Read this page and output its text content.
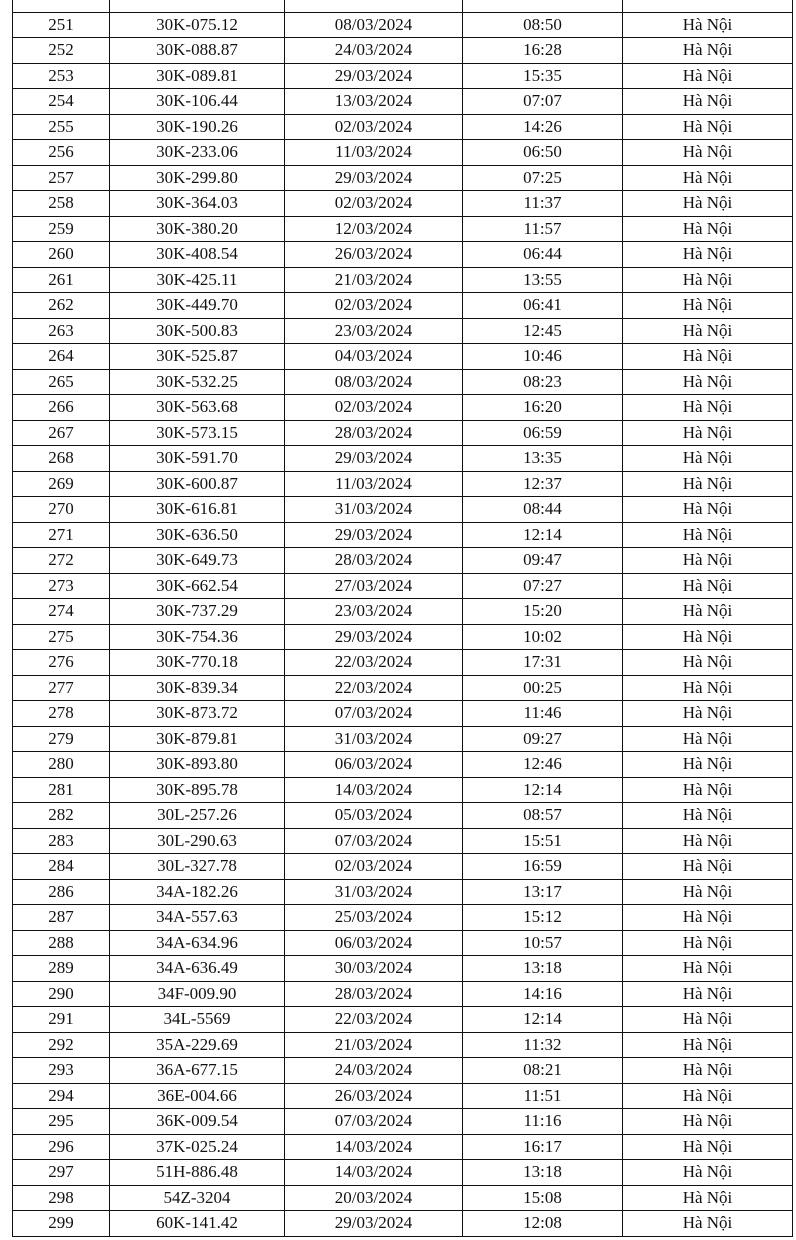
251	30K-075.12	08/03/2024	08:50	Hà Nội
252	30K-088.87	24/03/2024	16:28	Hà Nội
253	30K-089.81	29/03/2024	15:35	Hà Nội
254	30K-106.44	13/03/2024	07:07	Hà Nội
255	30K-190.26	02/03/2024	14:26	Hà Nội
256	30K-233.06	11/03/2024	06:50	Hà Nội
257	30K-299.80	29/03/2024	07:25	Hà Nội
258	30K-364.03	02/03/2024	11:37	Hà Nội
259	30K-380.20	12/03/2024	11:57	Hà Nội
260	30K-408.54	26/03/2024	06:44	Hà Nội
261	30K-425.11	21/03/2024	13:55	Hà Nội
262	30K-449.70	02/03/2024	06:41	Hà Nội
263	30K-500.83	23/03/2024	12:45	Hà Nội
264	30K-525.87	04/03/2024	10:46	Hà Nội
265	30K-532.25	08/03/2024	08:23	Hà Nội
266	30K-563.68	02/03/2024	16:20	Hà Nội
267	30K-573.15	28/03/2024	06:59	Hà Nội
268	30K-591.70	29/03/2024	13:35	Hà Nội
269	30K-600.87	11/03/2024	12:37	Hà Nội
270	30K-616.81	31/03/2024	08:44	Hà Nội
271	30K-636.50	29/03/2024	12:14	Hà Nội
272	30K-649.73	28/03/2024	09:47	Hà Nội
273	30K-662.54	27/03/2024	07:27	Hà Nội
274	30K-737.29	23/03/2024	15:20	Hà Nội
275	30K-754.36	29/03/2024	10:02	Hà Nội
276	30K-770.18	22/03/2024	17:31	Hà Nội
277	30K-839.34	22/03/2024	00:25	Hà Nội
278	30K-873.72	07/03/2024	11:46	Hà Nội
279	30K-879.81	31/03/2024	09:27	Hà Nội
280	30K-893.80	06/03/2024	12:46	Hà Nội
281	30K-895.78	14/03/2024	12:14	Hà Nội
282	30L-257.26	05/03/2024	08:57	Hà Nội
283	30L-290.63	07/03/2024	15:51	Hà Nội
284	30L-327.78	02/03/2024	16:59	Hà Nội
286	34A-182.26	31/03/2024	13:17	Hà Nội
287	34A-557.63	25/03/2024	15:12	Hà Nội
288	34A-634.96	06/03/2024	10:57	Hà Nội
289	34A-636.49	30/03/2024	13:18	Hà Nội
290	34F-009.90	28/03/2024	14:16	Hà Nội
291	34L-5569	22/03/2024	12:14	Hà Nội
292	35A-229.69	21/03/2024	11:32	Hà Nội
293	36A-677.15	24/03/2024	08:21	Hà Nội
294	36E-004.66	26/03/2024	11:51	Hà Nội
295	36K-009.54	07/03/2024	11:16	Hà Nội
296	37K-025.24	14/03/2024	16:17	Hà Nội
297	51H-886.48	14/03/2024	13:18	Hà Nội
298	54Z-3204	20/03/2024	15:08	Hà Nội
299	60K-141.42	29/03/2024	12:08	Hà Nội
